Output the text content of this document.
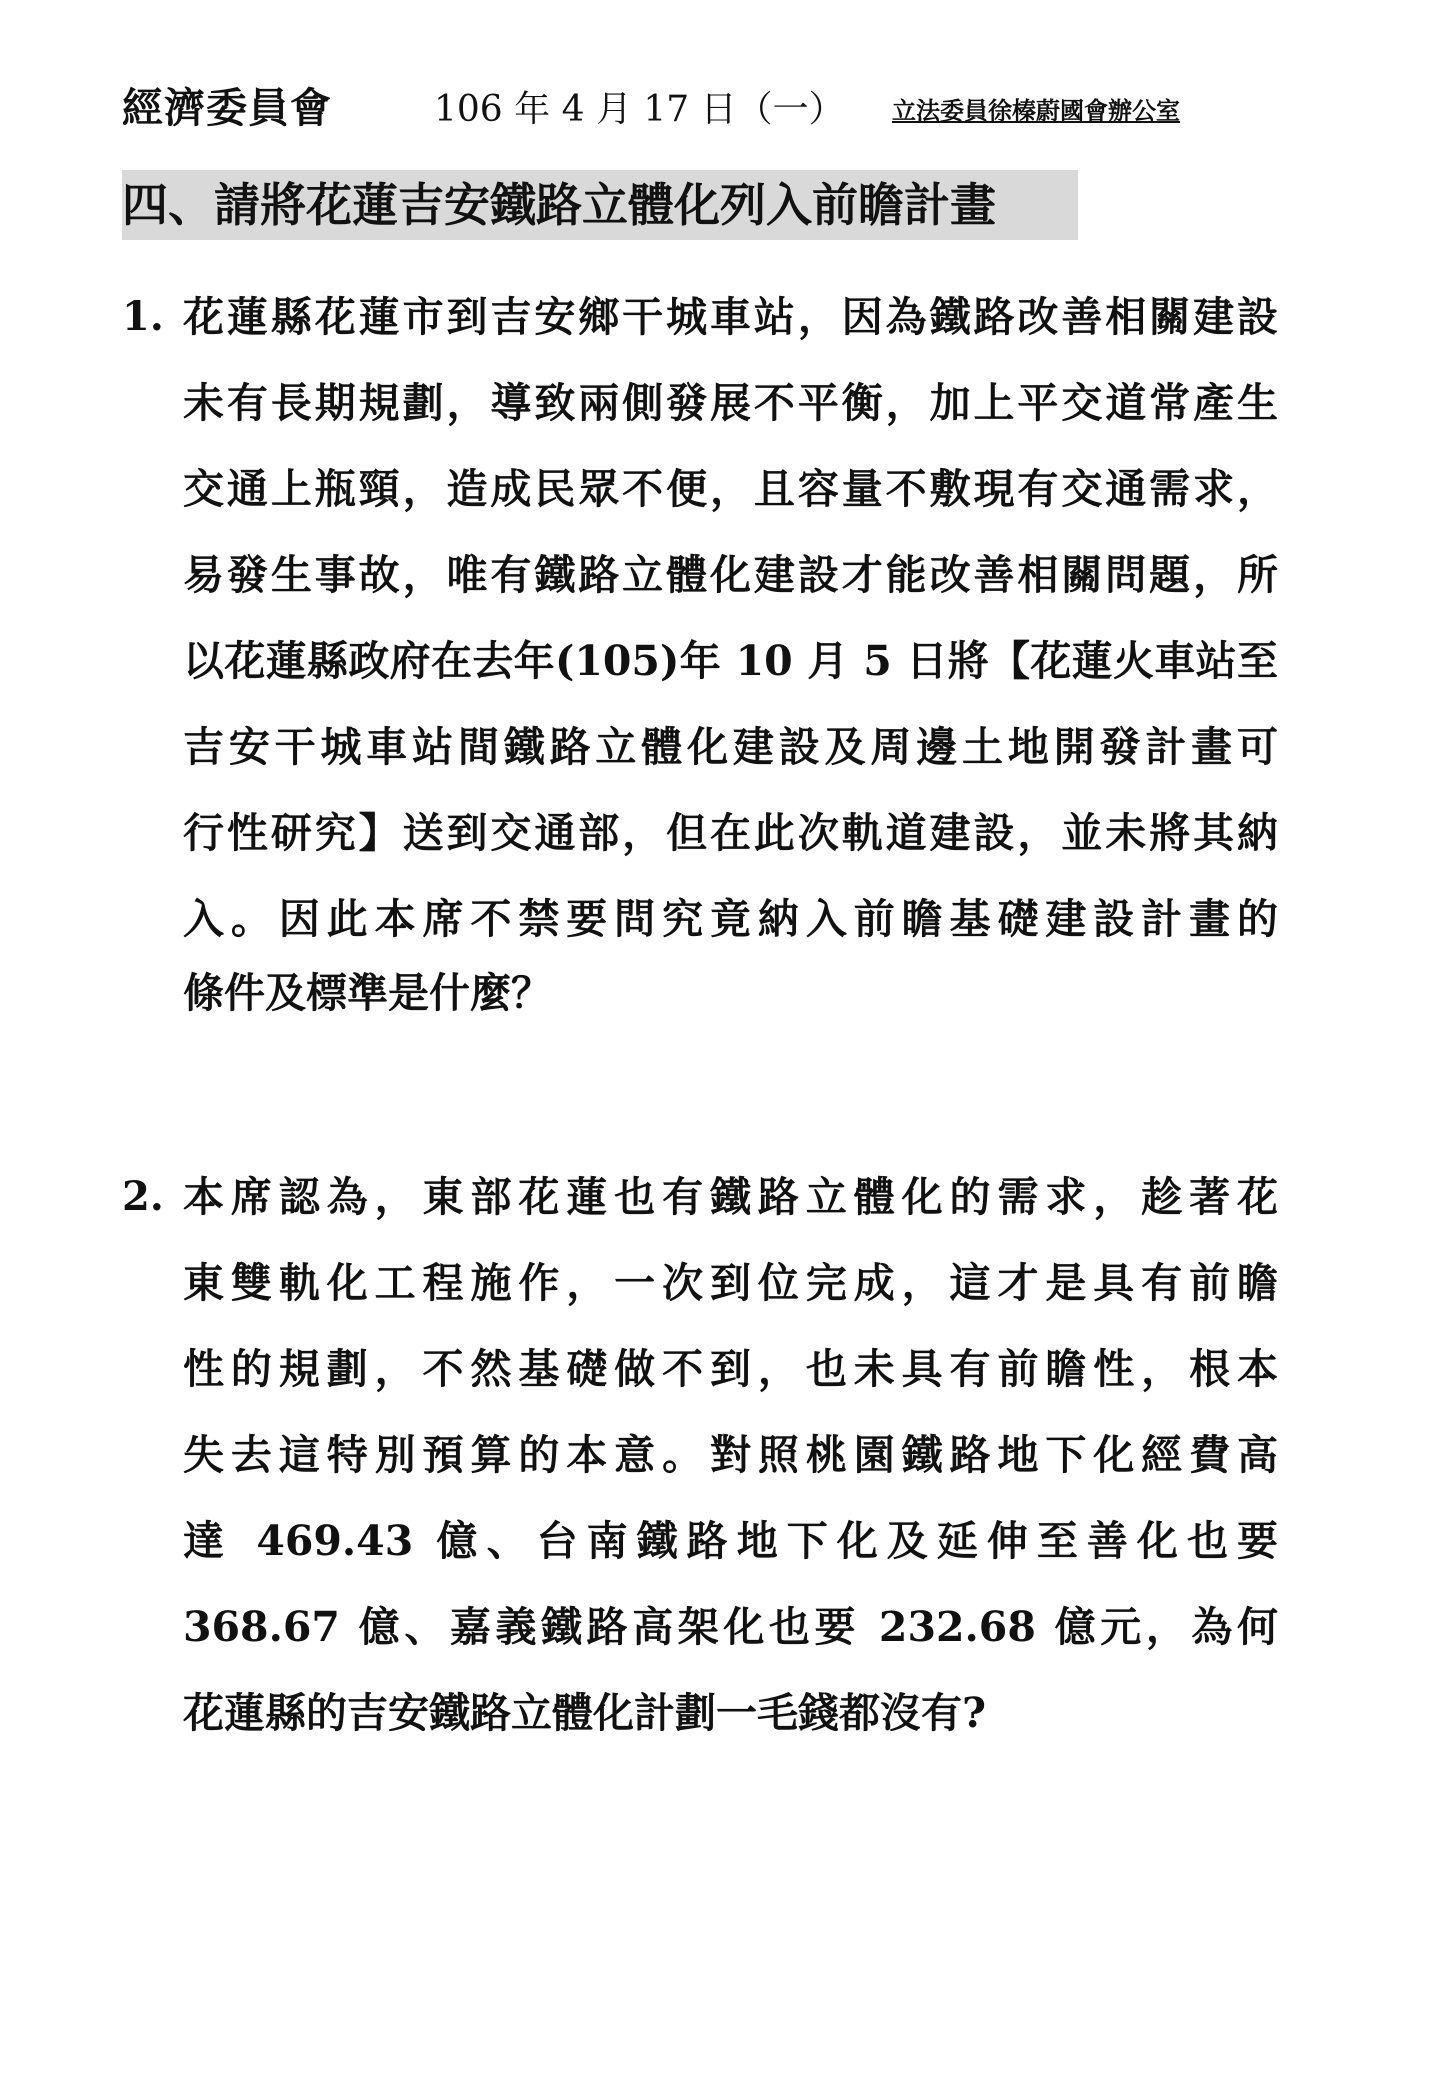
經濟委員會	106 年 4 月 17 日（一） 立法委員徐榛蔚國會辦公室
四、請將花蓮吉安鐵路立體化列入前瞻計畫
1. 花蓮縣花蓮市到吉安鄉干城車站，因為鐵路改善相關建設
未有長期規劃，導致兩側發展不平衡，加上平交道常產生
交通上瓶頸，造成民眾不便，且容量不敷現有交通需求，
易發生事故，唯有鐵路立體化建設才能改善相關問題，所
以花蓮縣政府在去年(105)年 10 月 5 日將【花蓮火車站至
吉安干城車站間鐵路立體化建設及周邊土地開發計畫可
行性研究】送到交通部，但在此次軌道建設，並未將其納
入。因此本席不禁要問究竟納入前瞻基礎建設計畫的
條件及標準是什麼？
2. 本席認為，東部花蓮也有鐵路立體化的需求，趁著花
東雙軌化工程施作，一次到位完成，這才是具有前瞻
性的規劃，不然基礎做不到，也未具有前瞻性，根本
失去這特別預算的本意。對照桃園鐵路地下化經費高
達 469.43 億、台南鐵路地下化及延伸至善化也要
368.67 億、嘉義鐵路高架化也要 232.68 億元，為何
花蓮縣的吉安鐵路立體化計劃一毛錢都沒有?
